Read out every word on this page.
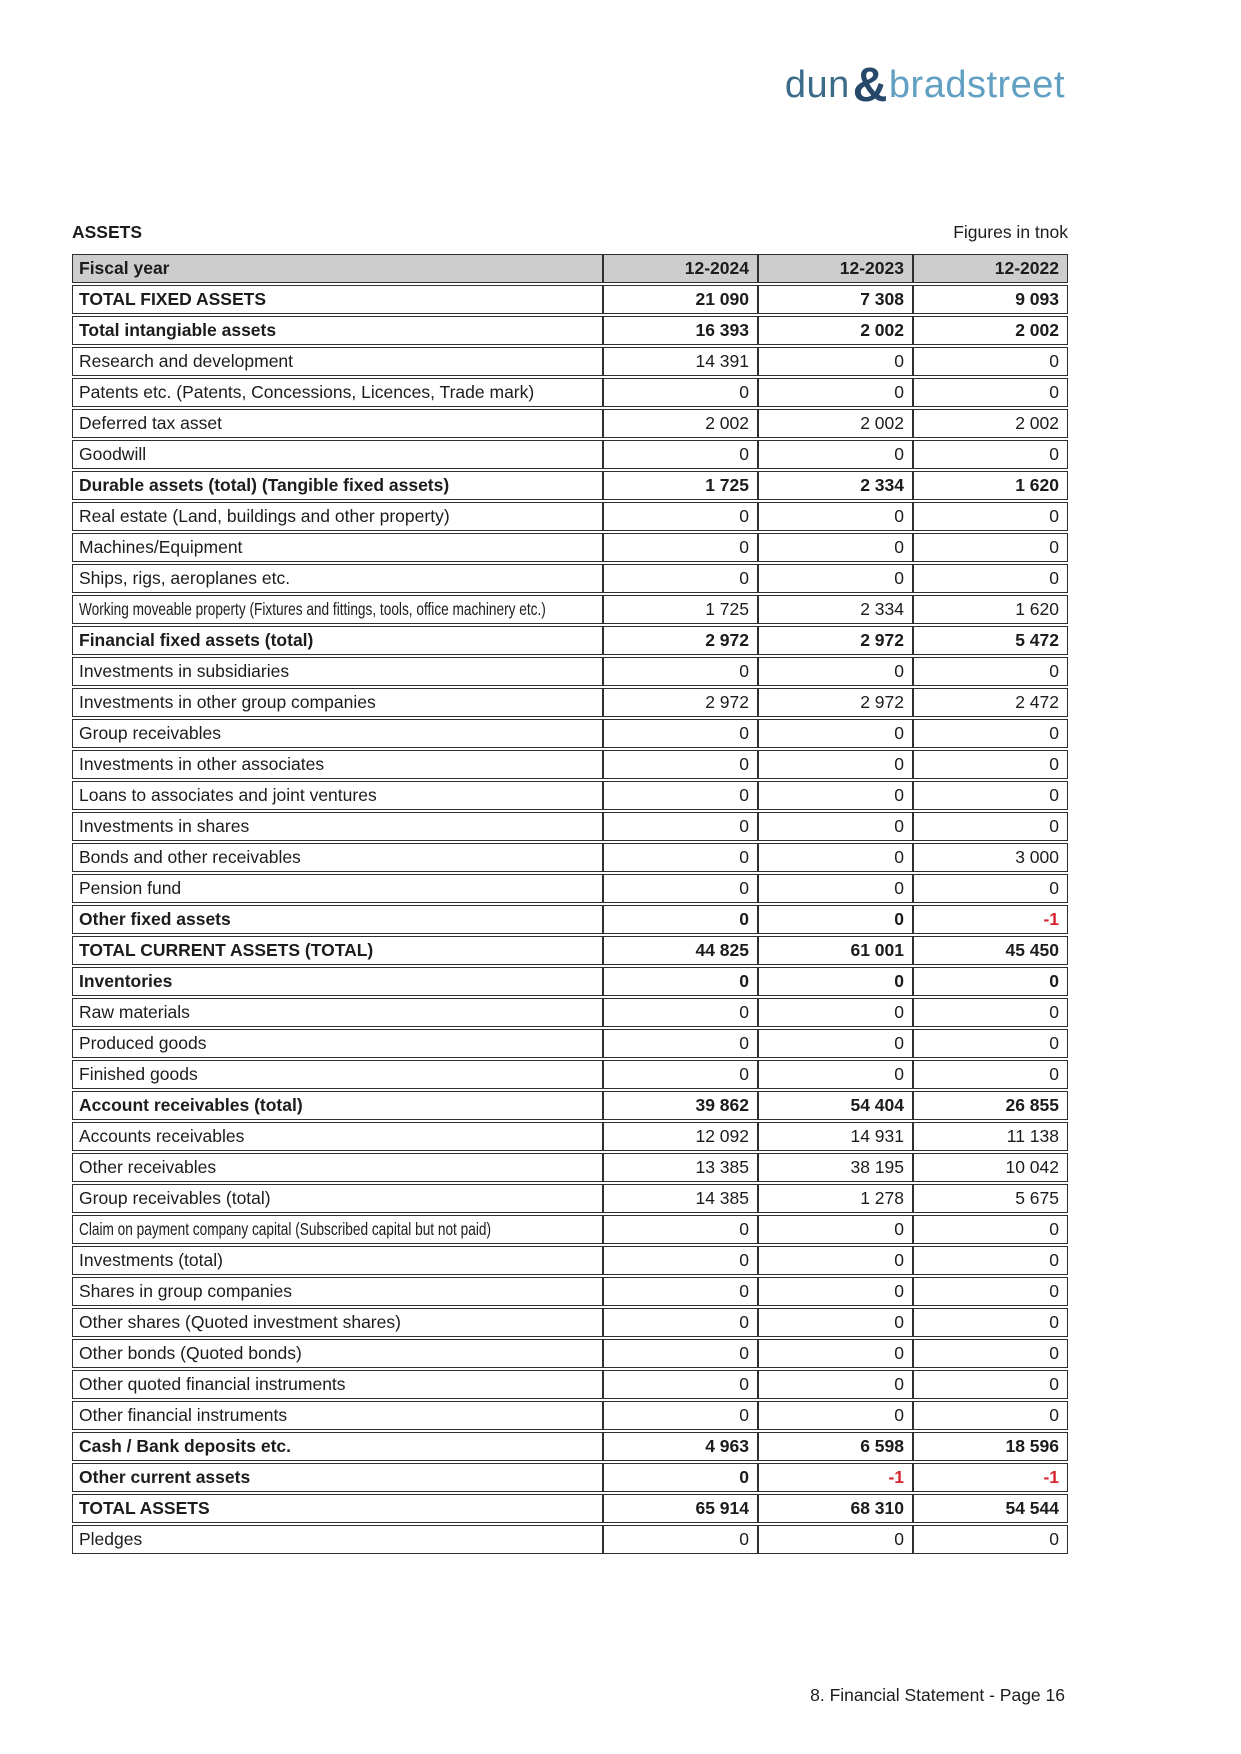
dun&bradstreet
ASSETS	Figures in tnok
Fiscal year	12-2024	12-2023	12-2022
TOTAL FIXED ASSETS	21 090	7 308	9 093
Total intangiable assets	16 393	2 002	2 002
Research and development	14 391	0	0
Patents etc. (Patents, Concessions, Licences, Trade mark)	0	0	0
Deferred tax asset	2 002	2 002	2 002
Goodwill	0	0	0
Durable assets (total) (Tangible fixed assets)	1 725	2 334	1 620
Real estate (Land, buildings and other property)	0	0	0
Machines/Equipment	0	0	0
Ships, rigs, aeroplanes etc.	0	0	0
Working moveable property (Fixtures and fittings, tools, office machinery etc.)	1 725	2 334	1 620
Financial fixed assets (total)	2 972	2 972	5 472
Investments in subsidiaries	0	0	0
Investments in other group companies	2 972	2 972	2 472
Group receivables	0	0	0
Investments in other associates	0	0	0
Loans to associates and joint ventures	0	0	0
Investments in shares	0	0	0
Bonds and other receivables	0	0	3 000
Pension fund	0	0	0
Other fixed assets	0	0	-1
TOTAL CURRENT ASSETS (TOTAL)	44 825	61 001	45 450
Inventories	0	0	0
Raw materials	0	0	0
Produced goods	0	0	0
Finished goods	0	0	0
Account receivables (total)	39 862	54 404	26 855
Accounts receivables	12 092	14 931	11 138
Other receivables	13 385	38 195	10 042
Group receivables (total)	14 385	1 278	5 675
Claim on payment company capital (Subscribed capital but not paid)	0	0	0
Investments (total)	0	0	0
Shares in group companies	0	0	0
Other shares (Quoted investment shares)	0	0	0
Other bonds (Quoted bonds)	0	0	0
Other quoted financial instruments	0	0	0
Other financial instruments	0	0	0
Cash / Bank deposits etc.	4 963	6 598	18 596
Other current assets	0	-1	-1
TOTAL ASSETS	65 914	68 310	54 544
Pledges	0	0	0
8. Financial Statement - Page 16
